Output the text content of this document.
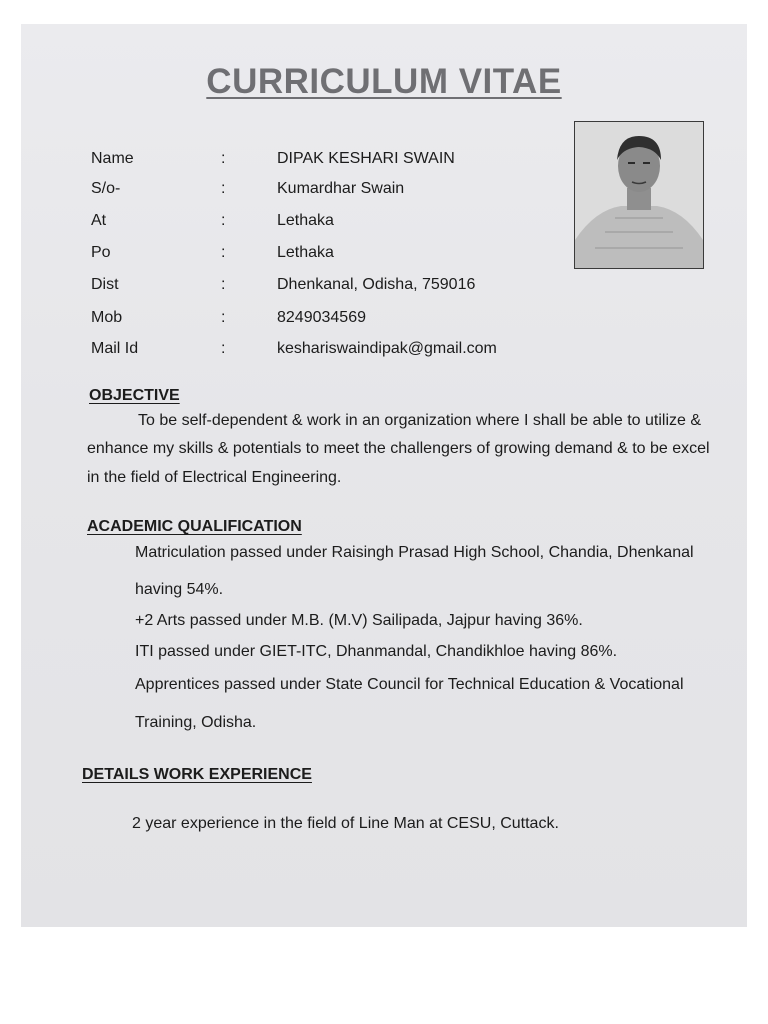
CURRICULUM VITAE
Name	:	DIPAK KESHARI SWAIN
S/o-	:	Kumardhar Swain
At	:	Lethaka
Po	:	Lethaka
Dist	:	Dhenkanal, Odisha, 759016
Mob	:	8249034569
Mail Id	:	keshariswaindipak@gmail.com
OBJECTIVE
To be self-dependent & work in an organization where I shall be able to utilize &
enhance my skills & potentials to meet the challengers of growing demand & to be excel
in the field of Electrical Engineering.
ACADEMIC QUALIFICATION
Matriculation passed under Raisingh Prasad High School, Chandia, Dhenkanal
having 54%.
+2 Arts passed under M.B. (M.V) Sailipada, Jajpur having 36%.
ITI passed under GIET-ITC, Dhanmandal, Chandikhloe having 86%.
Apprentices passed under State Council for Technical Education & Vocational
Training, Odisha.
DETAILS WORK EXPERIENCE
2 year experience in the field of Line Man at CESU, Cuttack.
